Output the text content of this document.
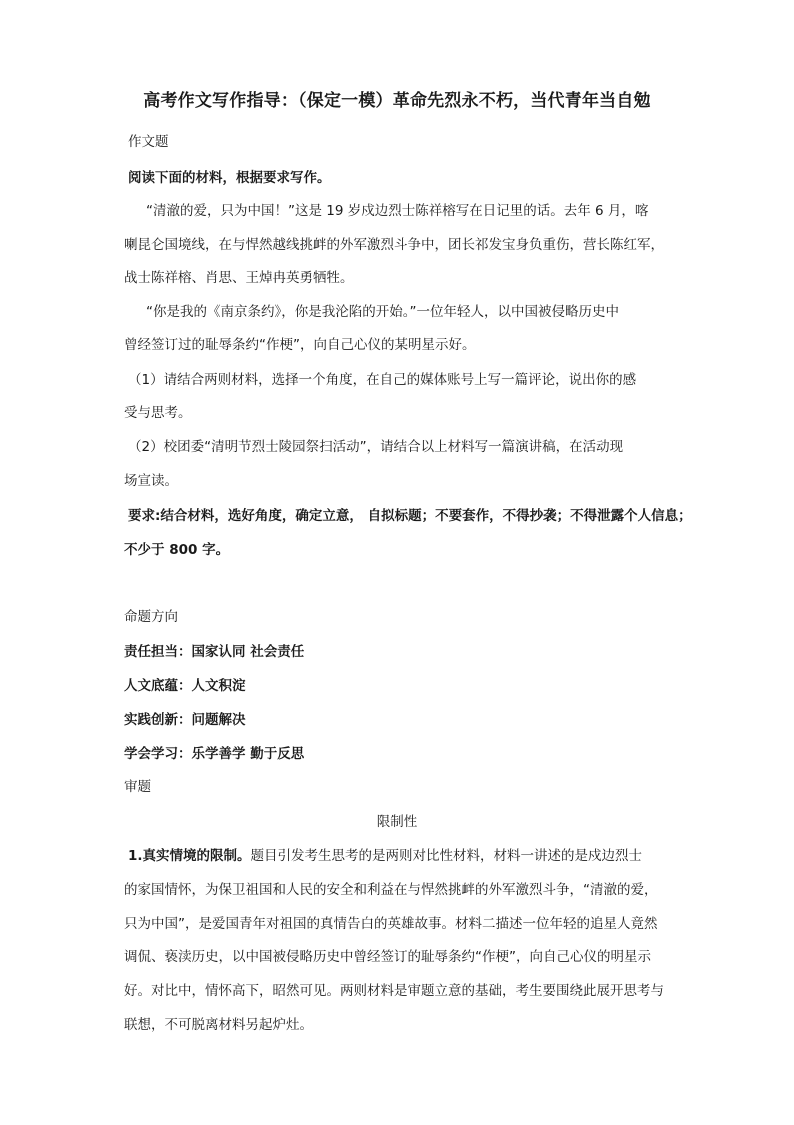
高考作文写作指导：（保定一模）革命先烈永不朽，当代青年当自勉
作文题
阅读下面的材料，根据要求写作。
“清澈的爱，只为中国！”这是 19 岁戍边烈士陈祥榕写在日记里的话。去年 6 月，喀
喇昆仑国境线，在与悍然越线挑衅的外军激烈斗争中，团长祁发宝身负重伤，营长陈红军，
战士陈祥榕、肖思、王焯冉英勇牺牲。
“你是我的《南京条约》，你是我沦陷的开始。”一位年轻人，以中国被侵略历史中
曾经签订过的耻辱条约“作梗”，向自己心仪的某明星示好。
（1）请结合两则材料，选择一个角度，在自己的媒体账号上写一篇评论，说出你的感
受与思考。
（2）校团委“清明节烈士陵园祭扫活动”，请结合以上材料写一篇演讲稿，在活动现
场宣读。
要求:结合材料，选好角度，确定立意， 自拟标题；不要套作，不得抄袭；不得泄露个人信息；
不少于 800 字。
命题方向
责任担当：国家认同 社会责任
人文底蕴：人文积淀
实践创新：问题解决
学会学习：乐学善学 勤于反思
审题
限制性
1.真实情境的限制。题目引发考生思考的是两则对比性材料，材料一讲述的是戍边烈士
的家国情怀，为保卫祖国和人民的安全和利益在与悍然挑衅的外军激烈斗争，“清澈的爱，
只为中国”，是爱国青年对祖国的真情告白的英雄故事。材料二描述一位年轻的追星人竟然
调侃、亵渎历史，以中国被侵略历史中曾经签订的耻辱条约“作梗”，向自己心仪的明星示
好。对比中，情怀高下，昭然可见。两则材料是审题立意的基础，考生要围绕此展开思考与
联想，不可脱离材料另起炉灶。
